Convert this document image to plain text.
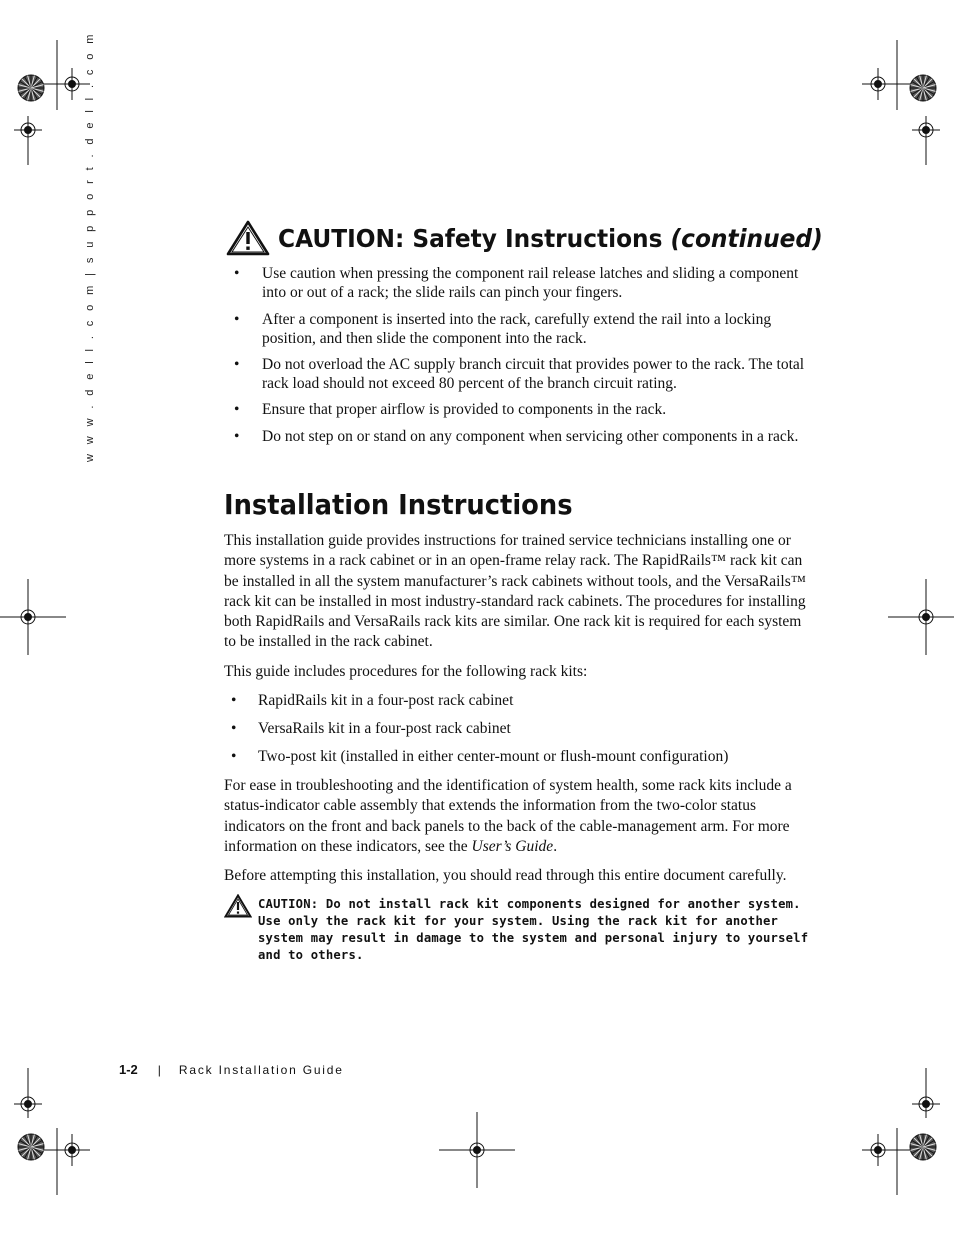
w w w . d e l l . c o m | s u p p o r t . d e l l . c o m	CAUTION: Safety Instructions (continued)
• Use caution when pressing the component rail release latches and sliding a component into or out of a rack; the slide rails can pinch your fingers.
• After a component is inserted into the rack, carefully extend the rail into a locking position, and then slide the component into the rack.
• Do not overload the AC supply branch circuit that provides power to the rack. The total rack load should not exceed 80 percent of the branch circuit rating.
• Ensure that proper airflow is provided to components in the rack.
• Do not step on or stand on any component when servicing other components in a rack.
Installation Instructions
This installation guide provides instructions for trained service technicians installing one or more systems in a rack cabinet or in an open-frame relay rack. The RapidRails™ rack kit can be installed in all the system manufacturer’s rack cabinets without tools, and the VersaRails™ rack kit can be installed in most industry-standard rack cabinets. The procedures for installing both RapidRails and VersaRails rack kits are similar. One rack kit is required for each system to be installed in the rack cabinet.
This guide includes procedures for the following rack kits:
• RapidRails kit in a four-post rack cabinet
• VersaRails kit in a four-post rack cabinet
• Two-post kit (installed in either center-mount or flush-mount configuration)
For ease in troubleshooting and the identification of system health, some rack kits include a status-indicator cable assembly that extends the information from the two-color status indicators on the front and back panels to the back of the cable-management arm. For more information on these indicators, see the User’s Guide.
Before attempting this installation, you should read through this entire document carefully.
CAUTION: Do not install rack kit components designed for another system. Use only the rack kit for your system. Using the rack kit for another system may result in damage to the system and personal injury to yourself and to others.
1-2 | Rack Installation Guide
